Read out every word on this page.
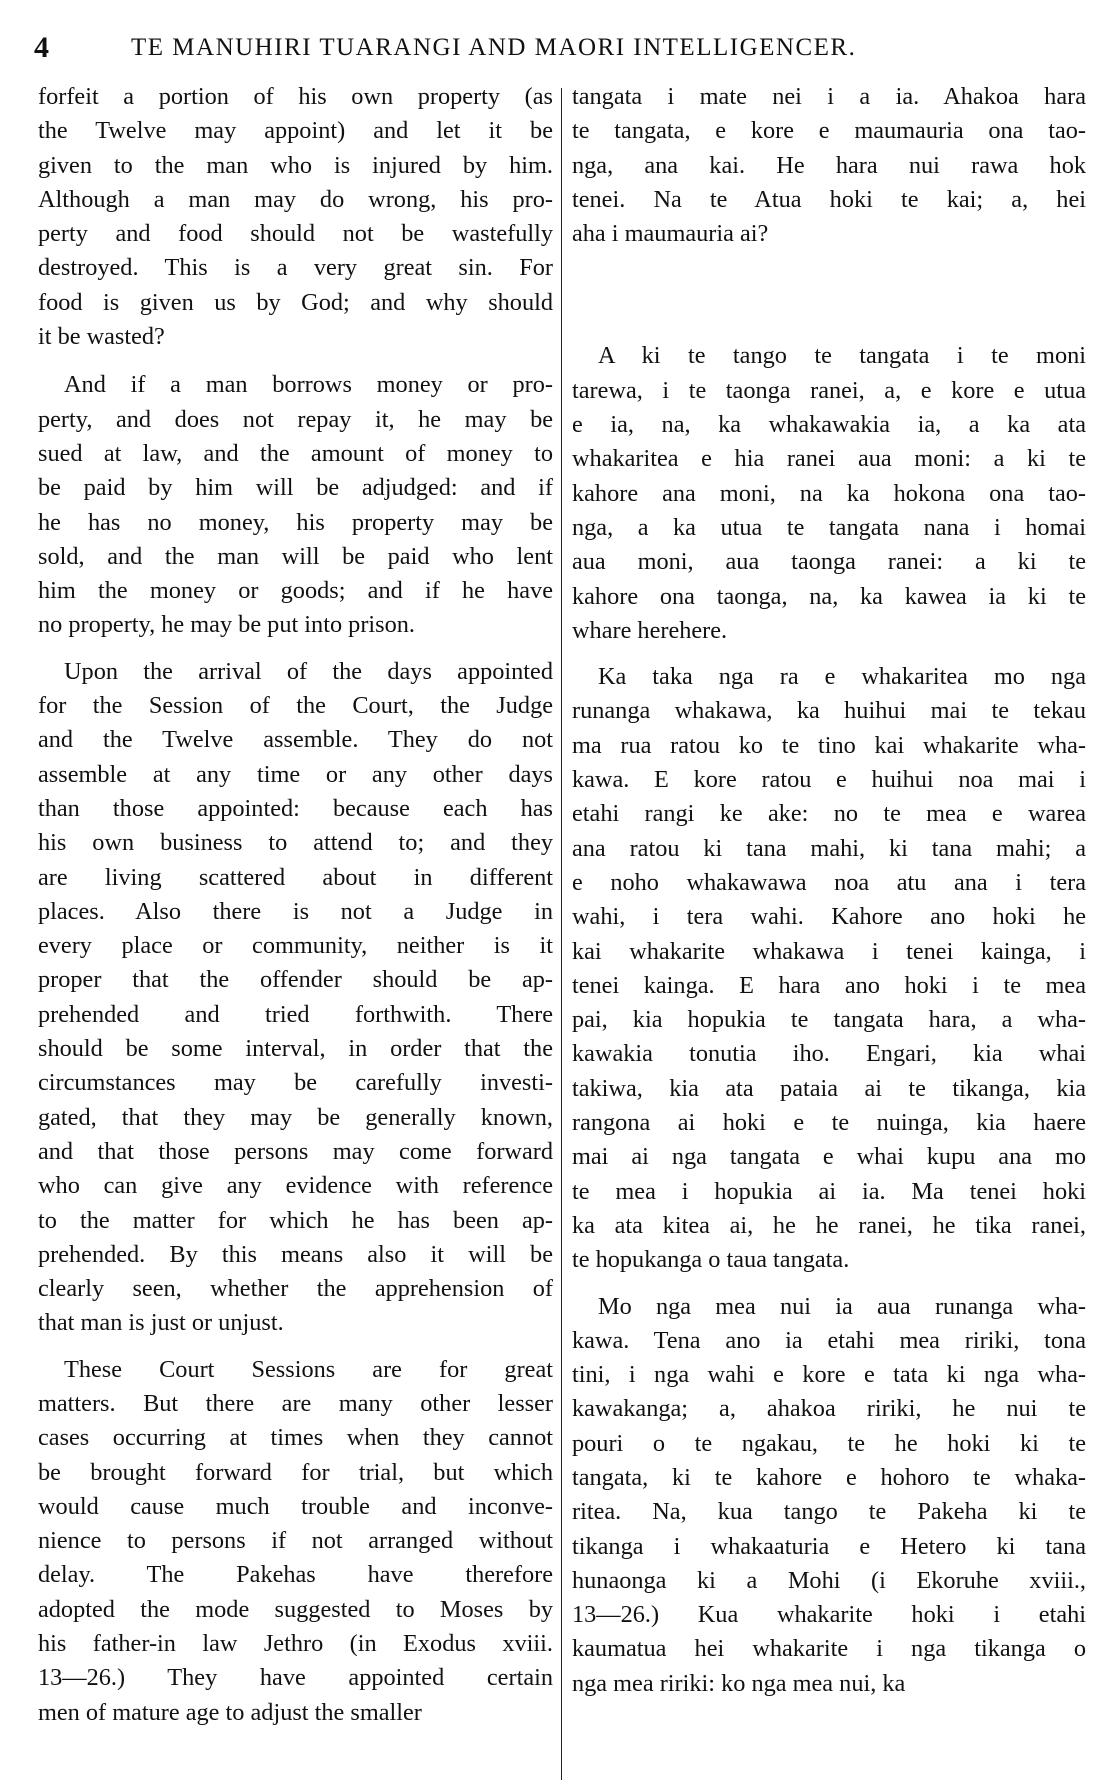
4	TE MANUHIRI TUARANGI AND MAORI INTELLIGENCER.
forfeit a portion of his own property (as
the Twelve may appoint) and let it be
given to the man who is injured by him.
Although a man may do wrong, his pro-
perty and food should not be wastefully
destroyed. This is a very great sin. For
food is given us by God; and why should
it be wasted?
And if a man borrows money or pro-
perty, and does not repay it, he may be
sued at law, and the amount of money to
be paid by him will be adjudged: and if
he has no money, his property may be
sold, and the man will be paid who lent
him the money or goods; and if he have
no property, he may be put into prison.
Upon the arrival of the days appointed
for the Session of the Court, the Judge
and the Twelve assemble. They do not
assemble at any time or any other days
than those appointed: because each has
his own business to attend to; and they
are living scattered about in different
places. Also there is not a Judge in
every place or community, neither is it
proper that the offender should be ap-
prehended and tried forthwith. There
should be some interval, in order that the
circumstances may be carefully investi-
gated, that they may be generally known,
and that those persons may come forward
who can give any evidence with reference
to the matter for which he has been ap-
prehended. By this means also it will be
clearly seen, whether the apprehension of
that man is just or unjust.
These Court Sessions are for great
matters. But there are many other lesser
cases occurring at times when they cannot
be brought forward for trial, but which
would cause much trouble and inconve-
nience to persons if not arranged without
delay. The Pakehas have therefore
adopted the mode suggested to Moses by
his father-in law Jethro (in Exodus xviii.
13—26.) They have appointed certain
men of mature age to adjust the smaller
tangata i mate nei i a ia. Ahakoa hara
te tangata, e kore e maumauria ona tao-
nga, ana kai. He hara nui rawa hok
tenei. Na te Atua hoki te kai; a, hei
aha i maumauria ai?
A ki te tango te tangata i te moni
tarewa, i te taonga ranei, a, e kore e utua
e ia, na, ka whakawakia ia, a ka ata
whakaritea e hia ranei aua moni: a ki te
kahore ana moni, na ka hokona ona tao-
nga, a ka utua te tangata nana i homai
aua moni, aua taonga ranei: a ki te
kahore ona taonga, na, ka kawea ia ki te
whare herehere.
Ka taka nga ra e whakaritea mo nga
runanga whakawa, ka huihui mai te tekau
ma rua ratou ko te tino kai whakarite wha-
kawa. E kore ratou e huihui noa mai i
etahi rangi ke ake: no te mea e warea
ana ratou ki tana mahi, ki tana mahi; a
e noho whakawawa noa atu ana i tera
wahi, i tera wahi. Kahore ano hoki he
kai whakarite whakawa i tenei kainga, i
tenei kainga. E hara ano hoki i te mea
pai, kia hopukia te tangata hara, a wha-
kawakia tonutia iho. Engari, kia whai
takiwa, kia ata pataia ai te tikanga, kia
rangona ai hoki e te nuinga, kia haere
mai ai nga tangata e whai kupu ana mo
te mea i hopukia ai ia. Ma tenei hoki
ka ata kitea ai, he he ranei, he tika ranei,
te hopukanga o taua tangata.
Mo nga mea nui ia aua runanga wha-
kawa. Tena ano ia etahi mea ririki, tona
tini, i nga wahi e kore e tata ki nga wha-
kawakanga; a, ahakoa ririki, he nui te
pouri o te ngakau, te he hoki ki te
tangata, ki te kahore e hohoro te whaka-
ritea. Na, kua tango te Pakeha ki te
tikanga i whakaaturia e Hetero ki tana
hunaonga ki a Mohi (i Ekoruhe xviii.,
13—26.) Kua whakarite hoki i etahi
kaumatua hei whakarite i nga tikanga o
nga mea ririki: ko nga mea nui, ka
